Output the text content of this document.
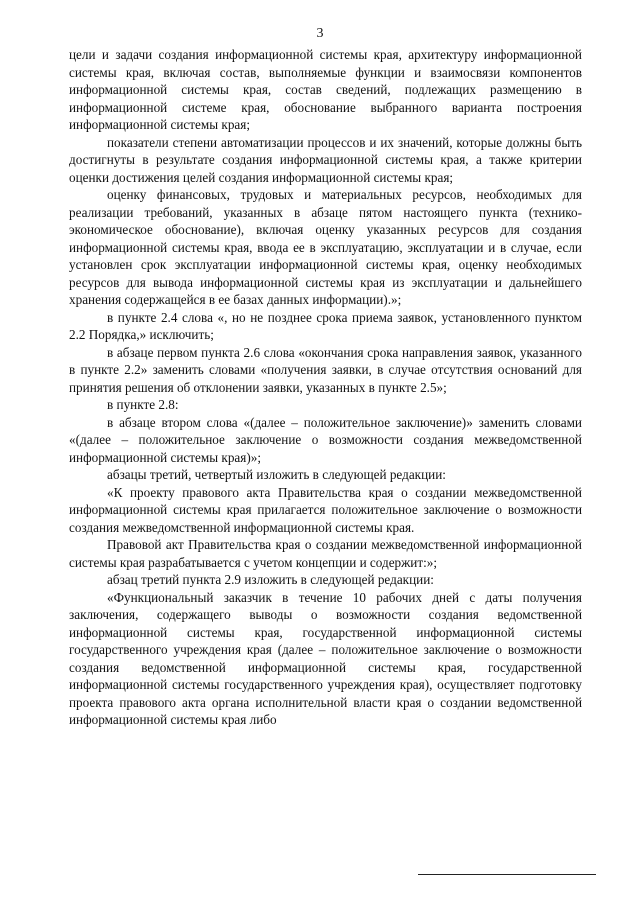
3

цели и задачи создания информационной системы края, архитектуру информационной системы края, включая состав, выполняемые функции и взаимосвязи компонентов информационной системы края, состав сведений, подлежащих размещению в информационной системе края, обоснование выбранного варианта построения информационной системы края;

показатели степени автоматизации процессов и их значений, которые должны быть достигнуты в результате создания информационной системы края, а также критерии оценки достижения целей создания информационной системы края;

оценку финансовых, трудовых и материальных ресурсов, необходимых для реализации требований, указанных в абзаце пятом настоящего пункта (технико-экономическое обоснование), включая оценку указанных ресурсов для создания информационной системы края, ввода ее в эксплуатацию, эксплуатации и в случае, если установлен срок эксплуатации информационной системы края, оценку необходимых ресурсов для вывода информационной системы края из эксплуатации и дальнейшего хранения содержащейся в ее базах данных информации).»;

в пункте 2.4 слова «, но не позднее срока приема заявок, установленного пунктом 2.2 Порядка,» исключить;

в абзаце первом пункта 2.6 слова «окончания срока направления заявок, указанного в пункте 2.2» заменить словами «получения заявки, в случае отсутствия оснований для принятия решения об отклонении заявки, указанных в пункте 2.5»;

в пункте 2.8:

в абзаце втором слова «(далее – положительное заключение)» заменить словами «(далее – положительное заключение о возможности создания межведомственной информационной системы края)»;

абзацы третий, четвертый изложить в следующей редакции:

«К проекту правового акта Правительства края о создании межведомственной информационной системы края прилагается положительное заключение о возможности создания межведомственной информационной системы края.

Правовой акт Правительства края о создании межведомственной информационной системы края разрабатывается с учетом концепции и содержит:»;

абзац третий пункта 2.9 изложить в следующей редакции:

«Функциональный заказчик в течение 10 рабочих дней с даты получения заключения, содержащего выводы о возможности создания ведомственной информационной системы края, государственной информационной системы государственного учреждения края (далее – положительное заключение о возможности создания ведомственной информационной системы края, государственной информационной системы государственного учреждения края), осуществляет подготовку проекта правового акта органа исполнительной власти края о создании ведомственной информационной системы края либо
